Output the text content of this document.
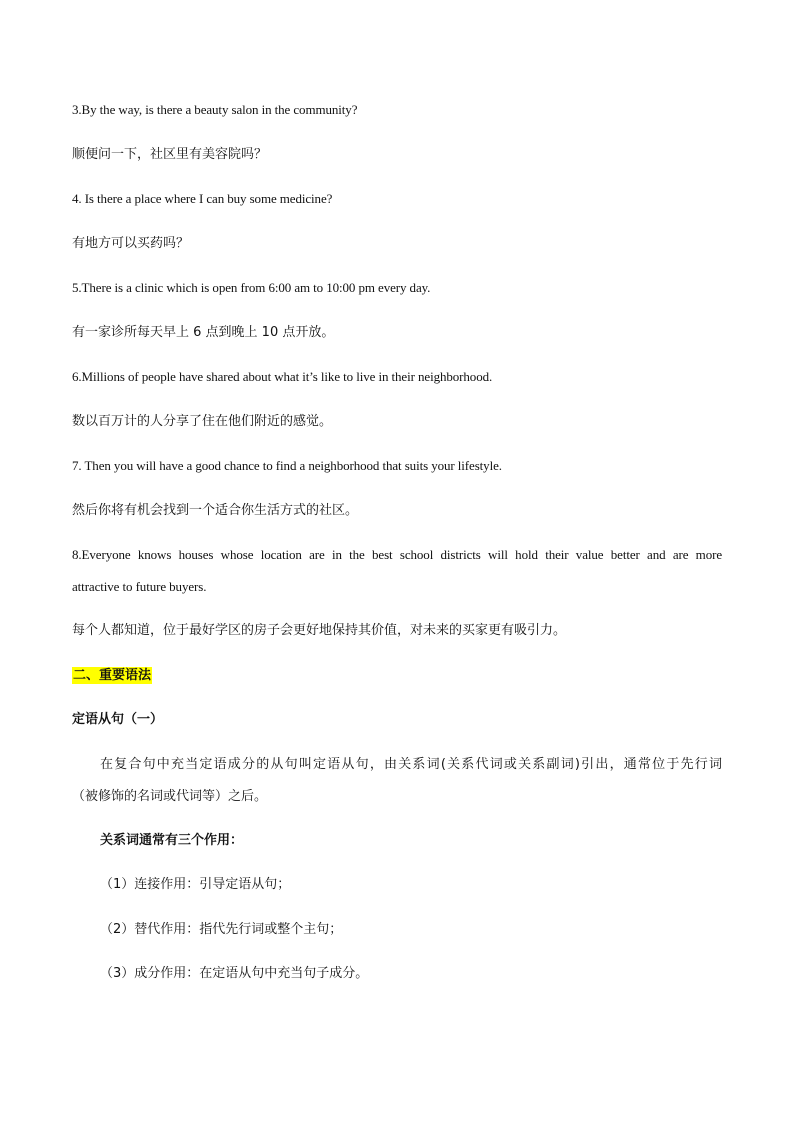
3.By the way, is there a beauty salon in the community?
顺便问一下，社区里有美容院吗？
4. Is there a place where I can buy some medicine?
有地方可以买药吗？
5.There is a clinic which is open from 6:00 am to 10:00 pm every day.
有一家诊所每天早上 6 点到晚上 10 点开放。
6.Millions of people have shared about what it’s like to live in their neighborhood.
数以百万计的人分享了住在他们附近的感觉。
7. Then you will have a good chance to find a neighborhood that suits your lifestyle.
然后你将有机会找到一个适合你生活方式的社区。
8.Everyone knows houses whose location are in the best school districts will hold their value better and are more
attractive to future buyers.
每个人都知道，位于最好学区的房子会更好地保持其价值，对未来的买家更有吸引力。
二、重要语法
定语从句（一）
在复合句中充当定语成分的从句叫定语从句，由关系词(关系代词或关系副词)引出，通常位于先行词
（被修饰的名词或代词等）之后。
关系词通常有三个作用：
（1）连接作用：引导定语从句；
（2）替代作用：指代先行词或整个主句；
（3）成分作用：在定语从句中充当句子成分。
